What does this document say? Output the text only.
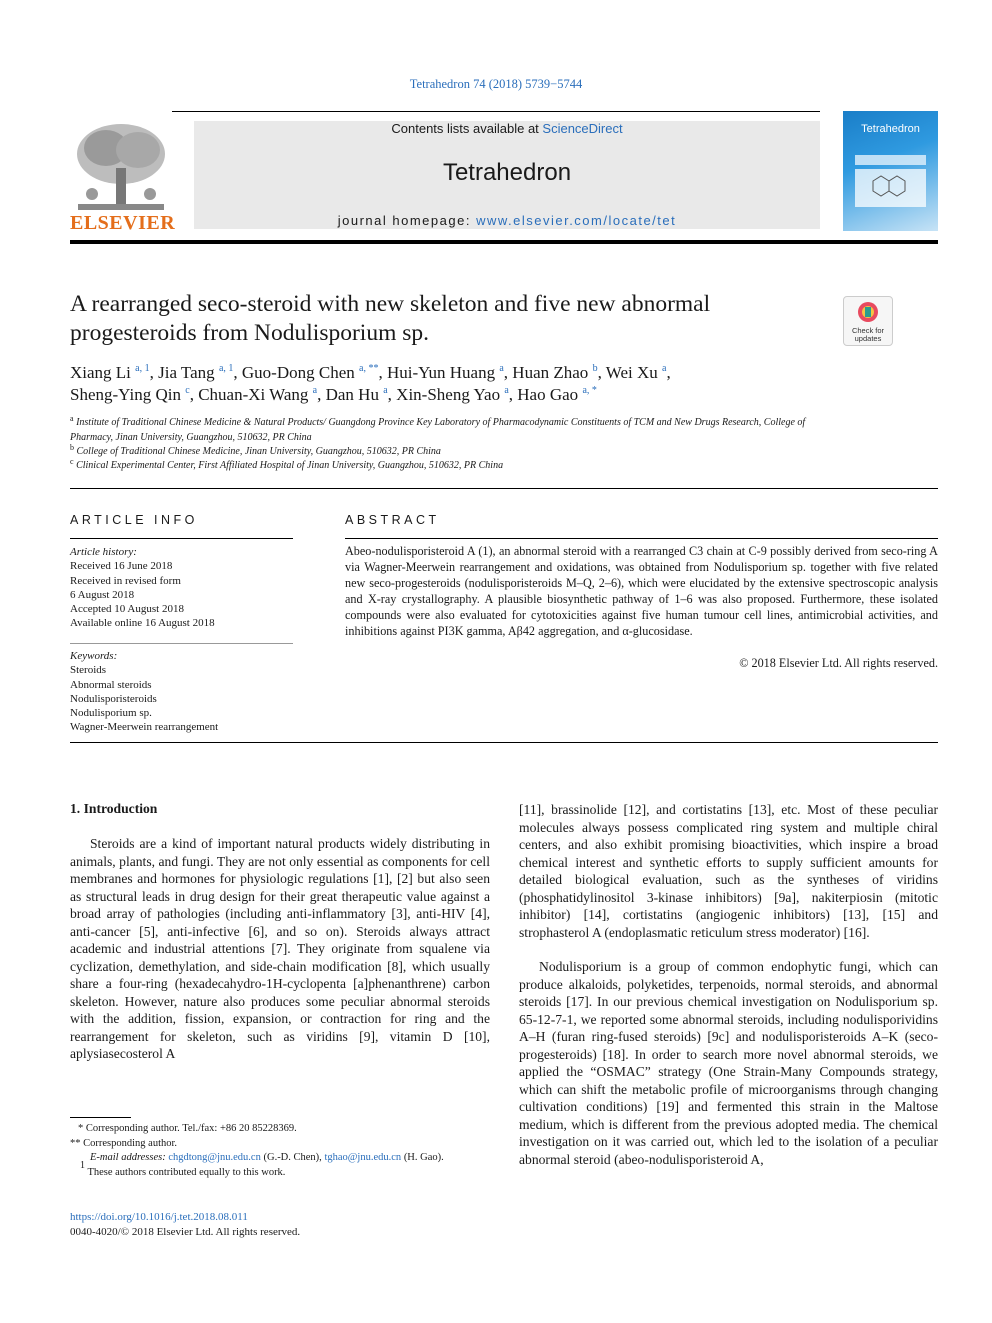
Tetrahedron 74 (2018) 5739−5744
ELSEVIER
Contents lists available at ScienceDirect
Tetrahedron
journal homepage: www.elsevier.com/locate/tet
Tetrahedron
A rearranged seco-steroid with new skeleton and five new abnormal progesteroids from Nodulisporium sp.	Check for updates
Xiang Li $^{a, 1}$, Jia Tang $^{a, 1}$, Guo-Dong Chen $^{a, **}$, Hui-Yun Huang $^a$, Huan Zhao $^b$, Wei Xu $^a$,
Sheng-Ying Qin $^c$, Chuan-Xi Wang $^a$, Dan Hu $^a$, Xin-Sheng Yao $^a$, Hao Gao $^{a, *}$
$^a$ Institute of Traditional Chinese Medicine & Natural Products/ Guangdong Province Key Laboratory of Pharmacodynamic Constituents of TCM and New Drugs Research, College of Pharmacy, Jinan University, Guangzhou, 510632, PR China
$^b$ College of Traditional Chinese Medicine, Jinan University, Guangzhou, 510632, PR China
$^c$ Clinical Experimental Center, First Affiliated Hospital of Jinan University, Guangzhou, 510632, PR China
ARTICLE INFO
Article history:
Received 16 June 2018
Received in revised form
6 August 2018
Accepted 10 August 2018
Available online 16 August 2018
Keywords:
Steroids
Abnormal steroids
Nodulisporisteroids
Nodulisporium sp.
Wagner-Meerwein rearrangement
ABSTRACT
Abeo-nodulisporisteroid A (1), an abnormal steroid with a rearranged C3 chain at C-9 possibly derived from seco-ring A via Wagner-Meerwein rearrangement and oxidations, was obtained from Nodulisporium sp. together with five related new seco-progesteroids (nodulisporisteroids M–Q, 2–6), which were elucidated by the extensive spectroscopic analysis and X-ray crystallography. A plausible biosynthetic pathway of 1–6 was also proposed. Furthermore, these isolated compounds were also evaluated for cytotoxicities against five human tumour cell lines, antimicrobial activities, and inhibitions against PI3K gamma, Aβ42 aggregation, and α-glucosidase.
© 2018 Elsevier Ltd. All rights reserved.
1. Introduction
Steroids are a kind of important natural products widely distributing in animals, plants, and fungi. They are not only essential as components for cell membranes and hormones for physiologic regulations [1], [2] but also seen as structural leads in drug design for their great therapeutic value against a broad array of pathologies (including anti-inflammatory [3], anti-HIV [4], anti-cancer [5], anti-infective [6], and so on). Steroids always attract academic and industrial attentions [7]. They originate from squalene via cyclization, demethylation, and side-chain modification [8], which usually share a four-ring (hexadecahydro-1H-cyclopenta [a]phenanthrene) carbon skeleton. However, nature also produces some peculiar abnormal steroids with the addition, fission, expansion, or contraction for ring and the rearrangement for skeleton, such as viridins [9], vitamin D [10], aplysiasecosterol A
[11], brassinolide [12], and cortistatins [13], etc. Most of these peculiar molecules always possess complicated ring system and multiple chiral centers, and also exhibit promising bioactivities, which inspire a broad chemical interest and synthetic efforts to supply sufficient amounts for detailed biological evaluation, such as the syntheses of viridins (phosphatidylinositol 3-kinase inhibitors) [9a], nakiterpiosin (mitotic inhibitor) [14], cortistatins (angiogenic inhibitors) [13], [15] and strophasterol A (endoplasmatic reticulum stress moderator) [16].
Nodulisporium is a group of common endophytic fungi, which can produce alkaloids, polyketides, terpenoids, normal steroids, and abnormal steroids [17]. In our previous chemical investigation on Nodulisporium sp. 65-12-7-1, we reported some abnormal steroids, including nodulisporividins A–H (furan ring-fused steroids) [9c] and nodulisporisteroids A–K (seco-progesteroids) [18]. In order to search more novel abnormal steroids, we applied the “OSMAC” strategy (One Strain-Many Compounds strategy, which can shift the metabolic profile of microorganisms through changing cultivation conditions) [19] and fermented this strain in the Maltose medium, which is different from the previous adopted media. The chemical investigation on it was carried out, which led to the isolation of a peculiar abnormal steroid (abeo-nodulisporisteroid A,
* Corresponding author. Tel./fax: +86 20 85228369.
** Corresponding author.
E-mail addresses: chgdtong@jnu.edu.cn (G.-D. Chen), tghao@jnu.edu.cn (H. Gao).
$^1$ These authors contributed equally to this work.
https://doi.org/10.1016/j.tet.2018.08.011
0040-4020/© 2018 Elsevier Ltd. All rights reserved.
